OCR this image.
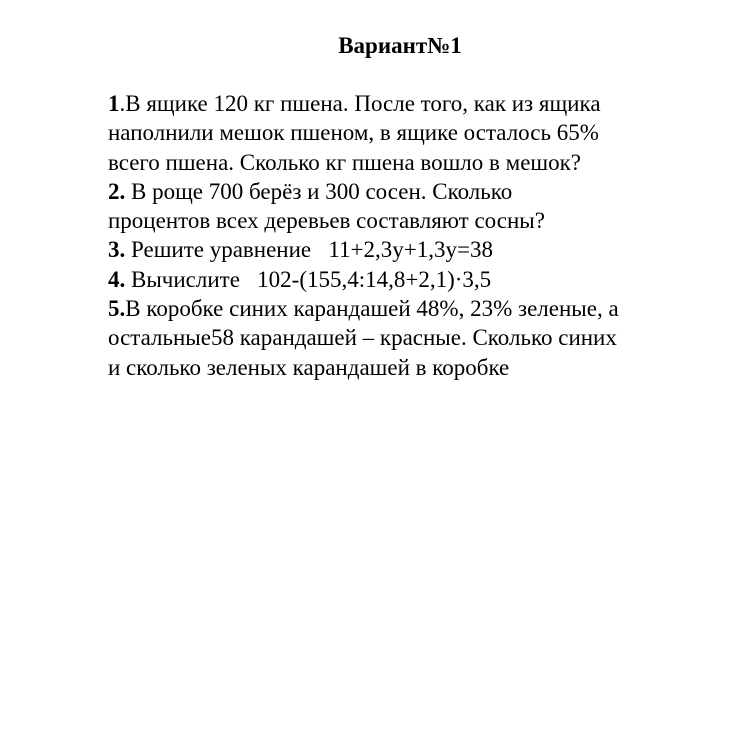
Вариант№1
1.В ящике 120 кг пшена. После того, как из ящика
наполнили мешок пшеном, в ящике осталось 65%
всего пшена. Сколько кг пшена вошло в мешок?
2. В роще 700 берёз и 300 сосен. Сколько
процентов всех деревьев составляют сосны?
3. Решите уравнение   11+2,3у+1,3у=38
4. Вычислите   102-(155,4:14,8+2,1)·3,5
5.В коробке синих карандашей 48%, 23% зеленые, а
остальные58 карандашей – красные. Сколько синих
и сколько зеленых карандашей в коробке
